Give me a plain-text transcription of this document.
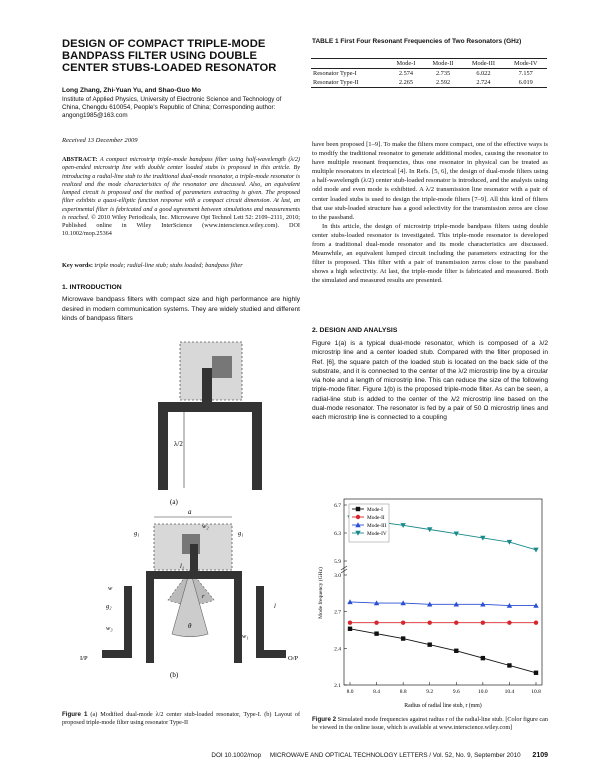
DESIGN OF COMPACT TRIPLE-MODE
BANDPASS FILTER USING DOUBLE
CENTER STUBS-LOADED RESONATOR
Long Zhang, Zhi-Yuan Yu, and Shao-Guo Mo
Institute of Applied Physics, University of Electronic Science and Technology of China, Chengdu 610054, People's Republic of China; Corresponding author: angong1985@163.com
Received 13 December 2009
ABSTRACT: A compact microstrip triple-mode bandpass filter using half-wavelength (λ/2) open-ended microstrip line with double center loaded stubs is proposed in this article. By introducing a radial-line stub to the traditional dual-mode resonator, a triple-mode resonator is realized and the mode characteristics of the resonator are discussed. Also, an equivalent lumped circuit is proposed and the method of parameters extracting is given. The proposed filter exhibits a quasi-elliptic function response with a compact circuit dimension. At last, an experimental filter is fabricated and a good agreement between simulations and measurements is reached. © 2010 Wiley Periodicals, Inc. Microwave Opt Technol Lett 52: 2109–2111, 2010; Published online in Wiley InterScience (www.interscience.wiley.com). DOI 10.1002/mop.25364
Key words: triple mode; radial-line stub; stubs loaded; bandpass filter
1. INTRODUCTION
Microwave bandpass filters with compact size and high performance are highly desired in modern communication systems. They are widely studied and different kinds of bandpass filters
λ/2
(a)
a
g₁
w₂
g₁
l₁
r
θ
w
g₂
w₁
l
w₃
I/P	O/P
(b)
Figure 1 (a) Modified dual-mode λ/2 center stub-loaded resonator, Type-I. (b) Layout of proposed triple-mode filter using resonator Type-II
TABLE 1 First Four Resonant Frequencies of Two Resonators (GHz)
	Mode-I	Mode-II	Mode-III	Mode-IV
Resonator Type-I	2.574	2.735	6.022	7.157
Resonator Type-II	2.265	2.592	2.724	6.019

have been proposed [1–9]. To make the filters more compact, one of the effective ways is to modify the traditional resonator to generate additional modes, causing the resonator to have multiple resonant frequencies, thus one resonator in physical can be treated as multiple resonators in electrical [4]. In Refs. [5, 6], the design of dual-mode filters using a half-wavelength (λ/2) center stub-loaded resonator is introduced, and the analysis using odd mode and even mode is exhibited. A λ/2 transmission line resonator with a pair of center loaded stubs is used to design the triple-mode filters [7–9]. All this kind of filters that use stub-loaded structure has a good selectivity for the transmission zeros are close to the passband.

In this article, the design of microstrip triple-mode bandpass filters using double center stubs-loaded resonator is investigated. This triple-mode resonator is developed from a traditional dual-mode resonator and its mode characteristics are discussed. Meanwhile, an equivalent lumped circuit including the parameters extracting for the filter is proposed. This filter with a pair of transmission zeros close to the passband shows a high selectivity. At last, the triple-mode filter is fabricated and measured. Both the simulated and measured results are presented.

2. DESIGN AND ANALYSIS
Figure 1(a) is a typical dual-mode resonator, which is composed of a λ/2 microstrip line and a center loaded stub. Compared with the filter proposed in Ref. [6], the square patch of the loaded stub is located on the back side of the substrate, and it is connected to the center of the λ/2 microstrip line by a circular via hole and a length of microstrip line. This can reduce the size of the following triple-mode filter. Figure 1(b) is the proposed triple-mode filter. As can be seen, a radial-line stub is added to the center of the λ/2 microstrip line based on the dual-mode resonator. The resonator is fed by a pair of 50 Ω microstrip lines and each microstrip line is connected to a coupling
2.1
2.4
2.7
3.0
5.9
6.3
6.7
8.0	8.4	8.8	9.2	9.6	10.0	10.4	10.8
Mode-I
Mode-II
Mode-III
Mode-IV
Mode frequency (GHz)
Radius of radial line stub, r (mm)
Figure 2 Simulated mode frequencies against radius r of the radial-line stub. [Color figure can be viewed in the online issue, which is available at www.interscience.wiley.com]
DOI 10.1002/mop MICROWAVE AND OPTICAL TECHNOLOGY LETTERS / Vol. 52, No. 9, September 2010 2109
